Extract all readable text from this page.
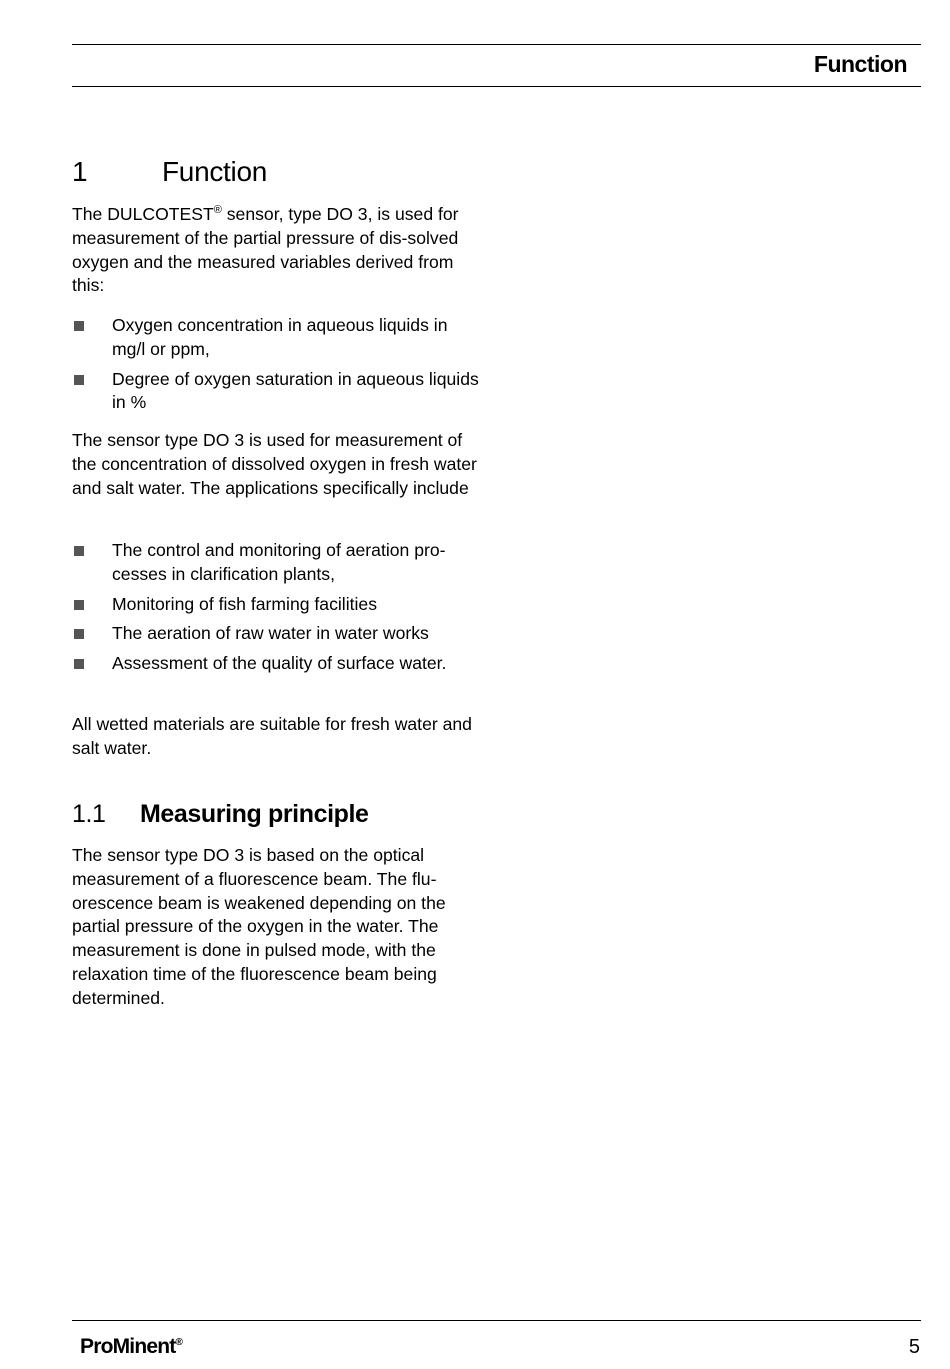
Function
1	Function

The DULCOTEST® sensor, type DO 3, is used for measurement of the partial pressure of dis-solved oxygen and the measured variables derived from this:

Oxygen concentration in aqueous liquids in mg/l or ppm,
Degree of oxygen saturation in aqueous liquids in %

The sensor type DO 3 is used for measurement of the concentration of dissolved oxygen in fresh water and salt water. The applications specifically include

The control and monitoring of aeration pro-cesses in clarification plants,
Monitoring of fish farming facilities
The aeration of raw water in water works
Assessment of the quality of surface water.

All wetted materials are suitable for fresh water and salt water.

1.1 Measuring principle

The sensor type DO 3 is based on the optical measurement of a fluorescence beam. The flu-orescence beam is weakened depending on the partial pressure of the oxygen in the water. The measurement is done in pulsed mode, with the relaxation time of the fluorescence beam being determined.

ProMinent®	5
